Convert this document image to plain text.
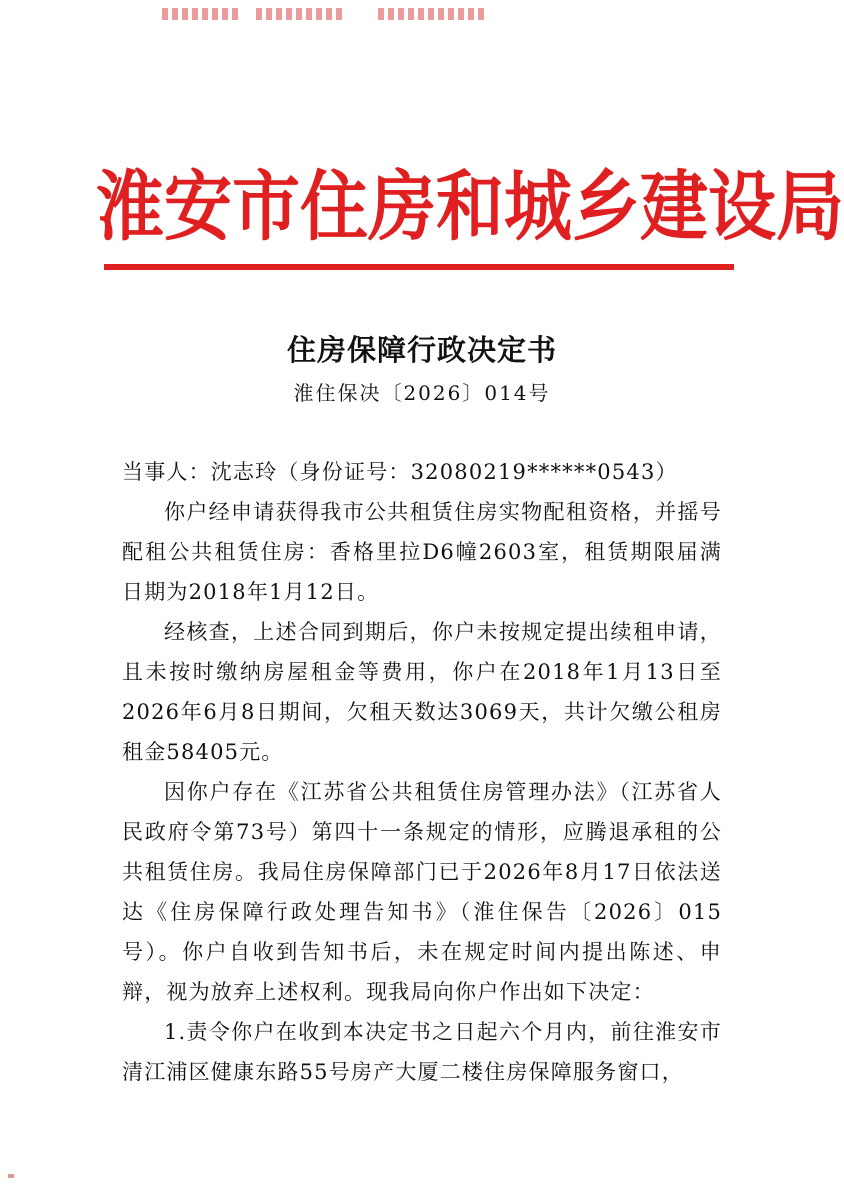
淮安市住房和城乡建设局
住房保障行政决定书
淮住保决〔2026〕014号

当事人：沈志玲（身份证号：32080219******0543）

你户经申请获得我市公共租赁住房实物配租资格，并摇号配租公共租赁住房：香格里拉D6幢2603室，租赁期限届满日期为2018年1月12日。

经核查，上述合同到期后，你户未按规定提出续租申请，且未按时缴纳房屋租金等费用，你户在2018年1月13日至2026年6月8日期间，欠租天数达3069天，共计欠缴公租房租金58405元。

因你户存在《江苏省公共租赁住房管理办法》（江苏省人民政府令第73号）第四十一条规定的情形，应腾退承租的公共租赁住房。我局住房保障部门已于2026年8月17日依法送达《住房保障行政处理告知书》（淮住保告〔2026〕015号）。你户自收到告知书后，未在规定时间内提出陈述、申辩，视为放弃上述权利。现我局向你户作出如下决定：

1.责令你户在收到本决定书之日起六个月内，前往淮安市清江浦区健康东路55号房产大厦二楼住房保障服务窗口，
